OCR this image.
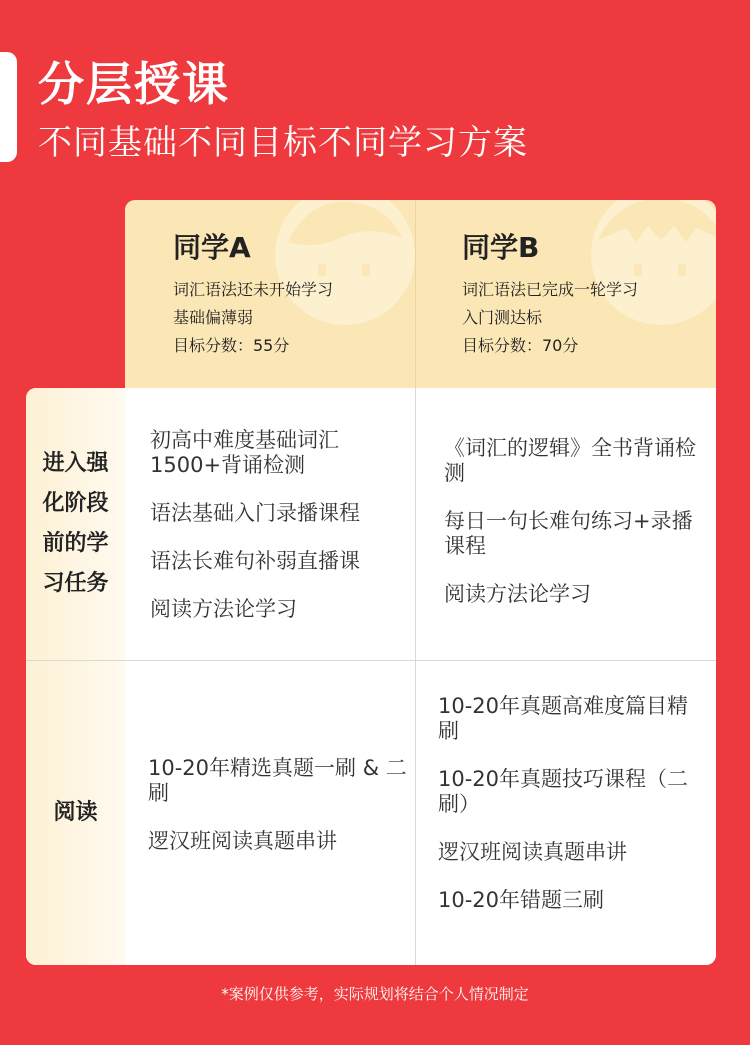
分层授课
不同基础不同目标不同学习方案
同学A
词汇语法还未开始学习
基础偏薄弱
目标分数：55分
同学B
词汇语法已完成一轮学习
入门测达标
目标分数：70分
进入强化阶段前的学习任务
阅读
初高中难度基础词汇1500+背诵检测
语法基础入门录播课程
语法长难句补弱直播课
阅读方法论学习
《词汇的逻辑》全书背诵检测
每日一句长难句练习+录播课程
阅读方法论学习
10-20年精选真题一刷 & 二刷
逻汉班阅读真题串讲
10-20年真题高难度篇目精刷
10-20年真题技巧课程（二刷）
逻汉班阅读真题串讲
10-20年错题三刷
*案例仅供参考，实际规划将结合个人情况制定
